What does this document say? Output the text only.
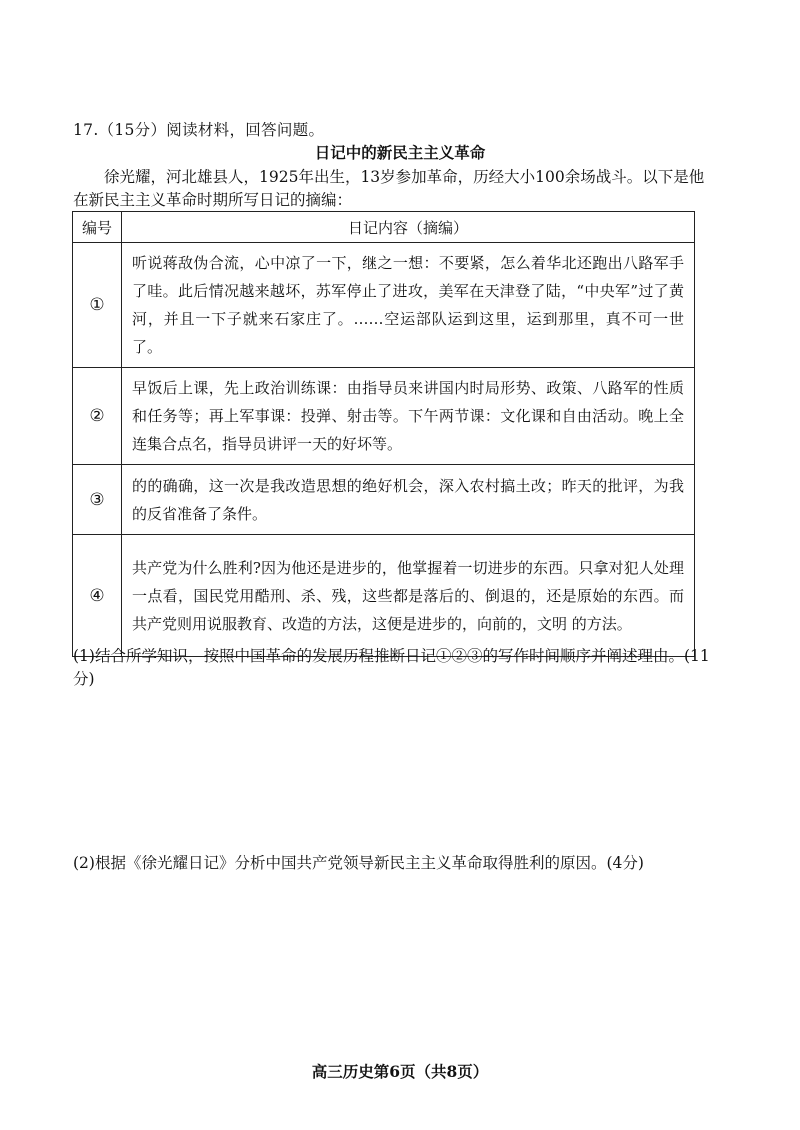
17.（15分）阅读材料，回答问题。
日记中的新民主主义革命
徐光耀，河北雄县人，1925年出生，13岁参加革命，历经大小100余场战斗。以下是他在新民主主义革命时期所写日记的摘编：
编号	日记内容（摘编）
①	听说蒋敌伪合流，心中凉了一下，继之一想：不要紧，怎么着华北还跑出八路军手了哇。此后情况越来越坏，苏军停止了进攻，美军在天津登了陆，“中央军”过了黄河，并且一下子就来石家庄了。……空运部队运到这里，运到那里，真不可一世了。
②	早饭后上课，先上政治训练课：由指导员来讲国内时局形势、政策、八路军的性质和任务等；再上军事课：投弹、射击等。下午两节课：文化课和自由活动。晚上全连集合点名，指导员讲评一天的好坏等。
③	的的确确，这一次是我改造思想的绝好机会，深入农村搞土改；昨天的批评，为我的反省准备了条件。
④	共产党为什么胜利?因为他还是进步的，他掌握着一切进步的东西。只拿对犯人处理一点看，国民党用酷刑、杀、残，这些都是落后的、倒退的，还是原始的东西。而共产党则用说服教育、改造的方法，这便是进步的，向前的，文明 的方法。
(1)结合所学知识，按照中国革命的发展历程推断日记①②③的写作时间顺序并阐述理由。(11分)
(2)根据《徐光耀日记》分析中国共产党领导新民主主义革命取得胜利的原因。(4分)
高三历史第6页（共8页）
